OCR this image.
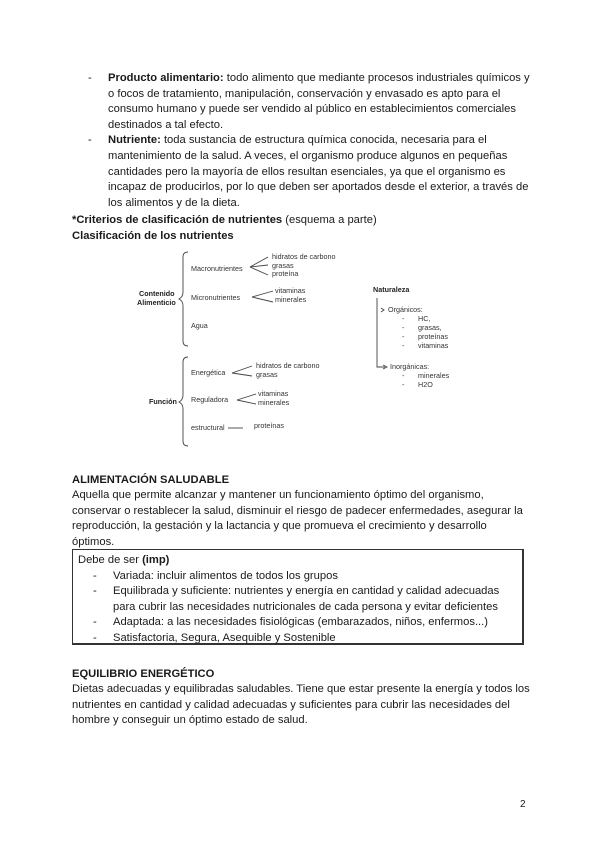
- Producto alimentario: todo alimento que mediante procesos industriales químicos y o focos de tratamiento, manipulación, conservación y envasado es apto para el consumo humano y puede ser vendido al público en establecimientos comerciales destinados a tal efecto.
- Nutriente: toda sustancia de estructura química conocida, necesaria para el mantenimiento de la salud. A veces, el organismo produce algunos en pequeñas cantidades pero la mayoría de ellos resultan esenciales, ya que el organismo es incapaz de producirlos, por lo que deben ser aportados desde el exterior, a través de los alimentos y de la dieta.
*Criterios de clasificación de nutrientes (esquema a parte)
Clasificación de los nutrientes
Contenido
Alimenticio
Macronutrientes
hidratos de carbono
grasas
proteína
Micronutrientes
vitaminas
minerales
Agua
Función
Energética
hidratos de carbono
grasas
Reguladora
vitaminas
minerales
estructural	proteínas
Naturaleza
Orgánicos:
- HC,
- grasas,
- proteínas
- vitaminas
Inorgánicas:
- minerales
- H2O
ALIMENTACIÓN SALUDABLE
Aquella que permite alcanzar y mantener un funcionamiento óptimo del organismo, conservar o restablecer la salud, disminuir el riesgo de padecer enfermedades, asegurar la reproducción, la gestación y la lactancia y que promueva el crecimiento y desarrollo óptimos.
Debe de ser (imp)
- Variada: incluir alimentos de todos los grupos
- Equilibrada y suficiente: nutrientes y energía en cantidad y calidad adecuadas para cubrir las necesidades nutricionales de cada persona y evitar deficientes
- Adaptada: a las necesidades fisiológicas (embarazados, niños, enfermos...)
- Satisfactoria, Segura, Asequible y Sostenible
EQUILIBRIO ENERGÉTICO
Dietas adecuadas y equilibradas saludables. Tiene que estar presente la energía y todos los nutrientes en cantidad y calidad adecuadas y suficientes para cubrir las necesidades del hombre y conseguir un óptimo estado de salud.
2
